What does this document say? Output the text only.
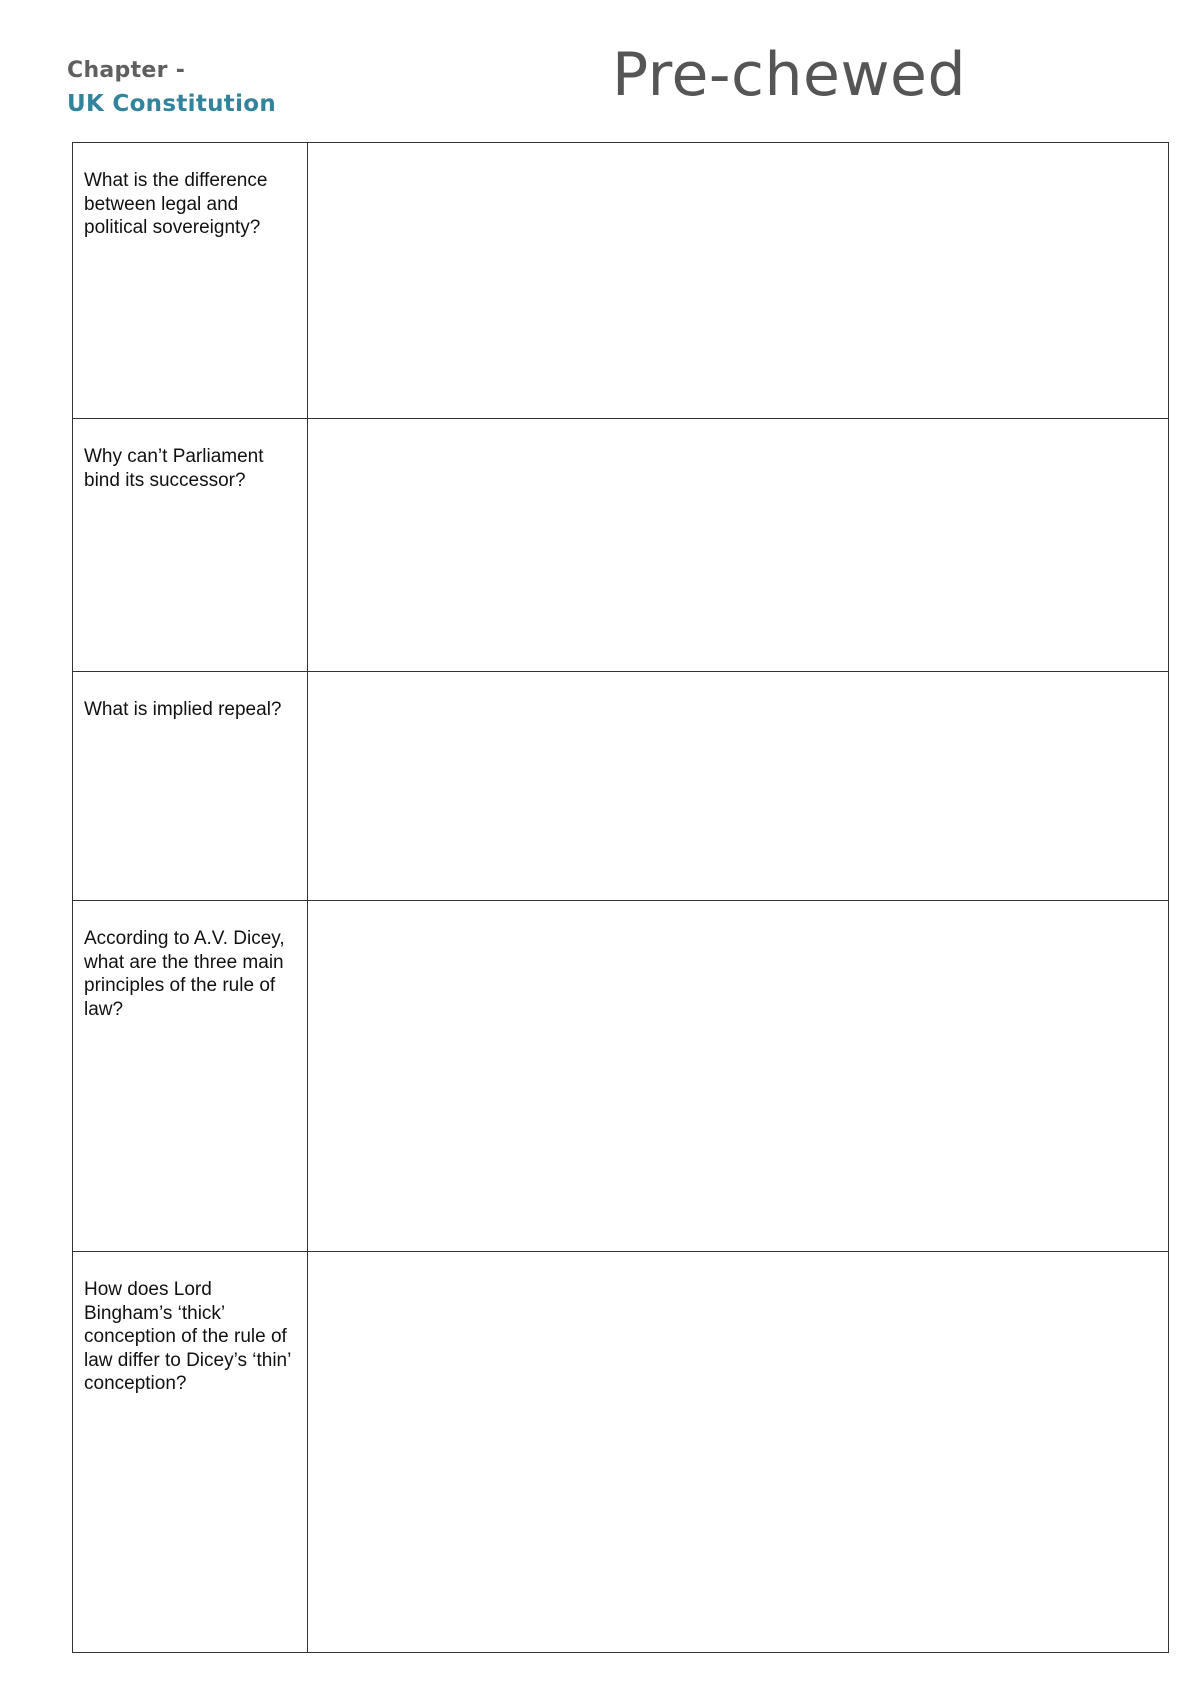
Chapter -
UK Constitution	Pre-chewed
What is the difference between legal and political sovereignty?	

Why can’t Parliament bind its successor?	

What is implied repeal?	

According to A.V. Dicey, what are the three main principles of the rule of law?	

How does Lord Bingham’s ‘thick’ conception of the rule of law differ to Dicey’s ‘thin’ conception?	
